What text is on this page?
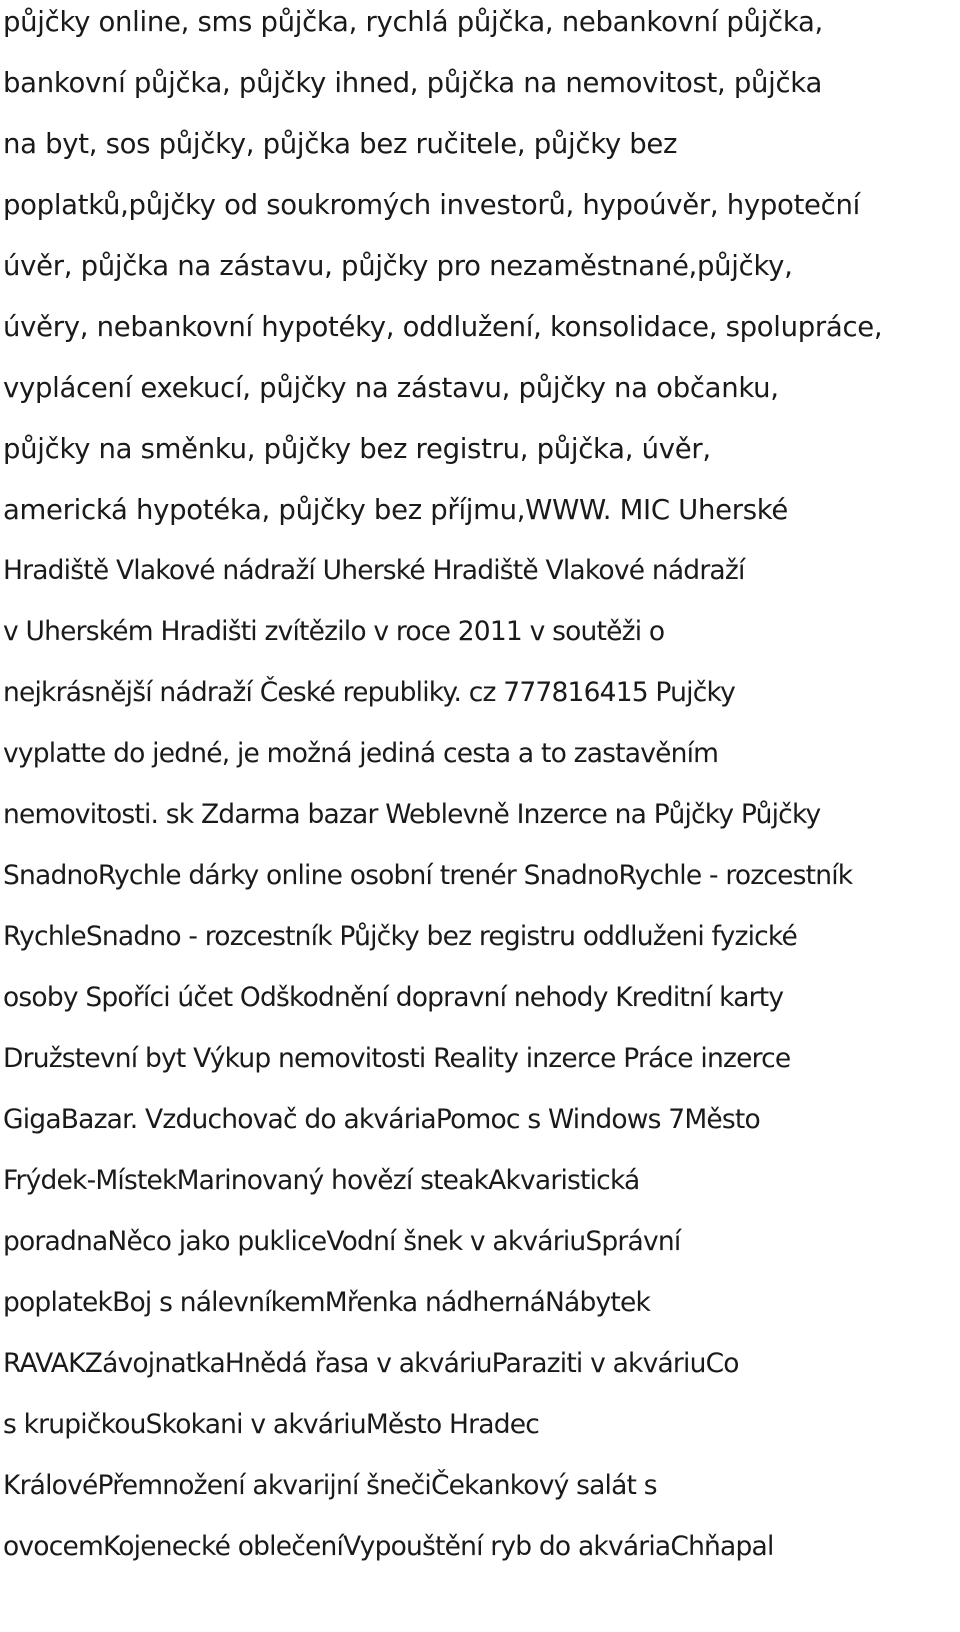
půjčky online, sms půjčka, rychlá půjčka, nebankovní půjčka,
bankovní půjčka, půjčky ihned, půjčka na nemovitost, půjčka
na byt, sos půjčky, půjčka bez ručitele, půjčky bez
poplatků,půjčky od soukromých investorů, hypoúvěr, hypoteční
úvěr, půjčka na zástavu, půjčky pro nezaměstnané,půjčky,
úvěry, nebankovní hypotéky, oddlužení, konsolidace, spolupráce,
vyplácení exekucí, půjčky na zástavu, půjčky na občanku,
půjčky na směnku, půjčky bez registru, půjčka, úvěr,
americká hypotéka, půjčky bez příjmu,WWW. MIC Uherské
Hradiště Vlakové nádraží Uherské Hradiště Vlakové nádraží
v Uherském Hradišti zvítězilo v roce 2011 v soutěži o
nejkrásnější nádraží České republiky. cz 777816415 Pujčky
vyplatte do jedné, je možná jediná cesta a to zastavěním
nemovitosti. sk Zdarma bazar Weblevně Inzerce na Půjčky Půjčky
SnadnoRychle dárky online osobní trenér SnadnoRychle - rozcestník
RychleSnadno - rozcestník Půjčky bez registru oddluženi fyzické
osoby Spoříci účet Odškodnění dopravní nehody Kreditní karty
Družstevní byt Výkup nemovitosti Reality inzerce Práce inzerce
GigaBazar. Vzduchovač do akváriaPomoc s Windows 7Město
Frýdek-MístekMarinovaný hovězí steakAkvaristická
poradnaNěco jako pukliceVodní šnek v akváriuSprávní
poplatekBoj s nálevníkemMřenka nádhernáNábytek
RAVAKZávojnatkaHnědá řasa v akváriuParaziti v akváriuCo
s krupičkouSkokani v akváriuMěsto Hradec
KrálovéPřemnožení akvarijní šnečiČekankový salát s
ovocemKojenecké oblečeníVypouštění ryb do akváriaChňapal
